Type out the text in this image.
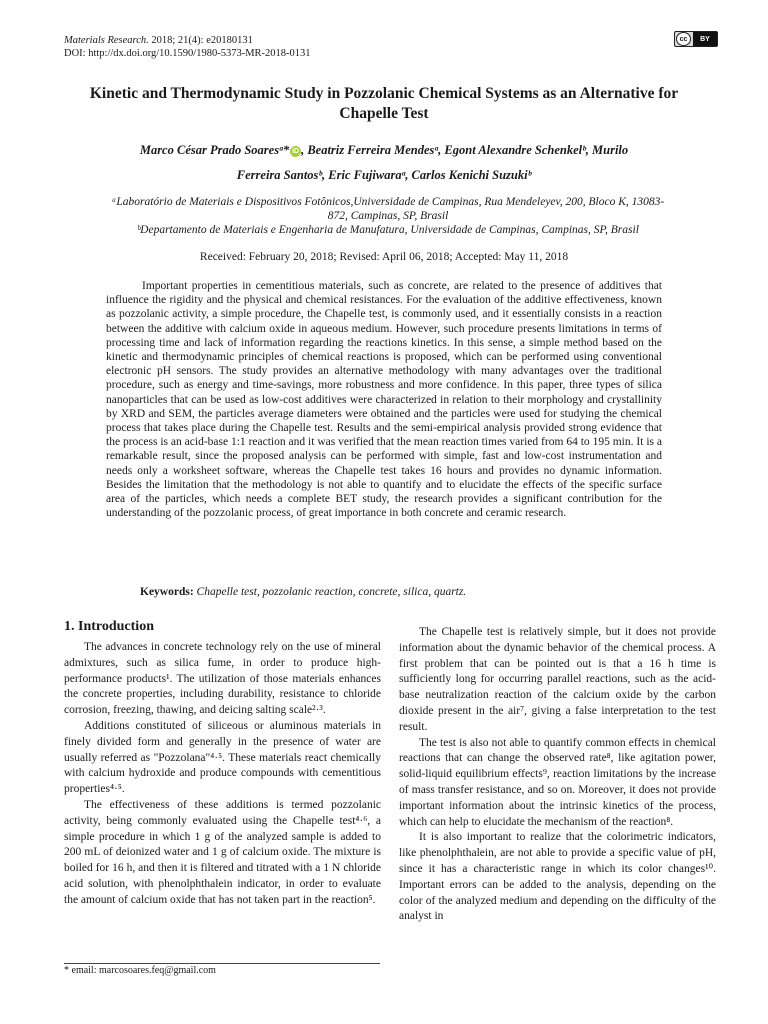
Materials Research. 2018; 21(4): e20180131
DOI: http://dx.doi.org/10.1590/1980-5373-MR-2018-0131
cc	BY
Kinetic and Thermodynamic Study in Pozzolanic Chemical Systems as an Alternative for Chapelle Test
Marco César Prado Soaresᵃ* iD , Beatriz Ferreira Mendesᵃ, Egont Alexandre Schenkelᵇ, Murilo
Ferreira Santosᵇ, Eric Fujiwaraᵃ, Carlos Kenichi Suzukiᵇ
ᵃLaboratório de Materiais e Dispositivos Fotônicos,Universidade de Campinas, Rua Mendeleyev, 200, Bloco K, 13083-872, Campinas, SP, Brasil
ᵇDepartamento de Materiais e Engenharia de Manufatura, Universidade de Campinas, Campinas, SP, Brasil
Received: February 20, 2018; Revised: April 06, 2018; Accepted: May 11, 2018
Important properties in cementitious materials, such as concrete, are related to the presence of additives that influence the rigidity and the physical and chemical resistances. For the evaluation of the additive effectiveness, known as pozzolanic activity, a simple procedure, the Chapelle test, is commonly used, and it essentially consists in a reaction between the additive with calcium oxide in aqueous medium. However, such procedure presents limitations in terms of processing time and lack of information regarding the reactions kinetics. In this sense, a simple method based on the kinetic and thermodynamic principles of chemical reactions is proposed, which can be performed using conventional electronic pH sensors. The study provides an alternative methodology with many advantages over the traditional procedure, such as energy and time-savings, more robustness and more confidence. In this paper, three types of silica nanoparticles that can be used as low-cost additives were characterized in relation to their morphology and crystallinity by XRD and SEM, the particles average diameters were obtained and the particles were used for studying the chemical process that takes place during the Chapelle test. Results and the semi-empirical analysis provided strong evidence that the process is an acid-base 1:1 reaction and it was verified that the mean reaction times varied from 64 to 195 min. It is a remarkable result, since the proposed analysis can be performed with simple, fast and low-cost instrumentation and needs only a worksheet software, whereas the Chapelle test takes 16 hours and provides no dynamic information. Besides the limitation that the methodology is not able to quantify and to elucidate the effects of the specific surface area of the particles, which needs a complete BET study, the research provides a significant contribution for the understanding of the pozzolanic process, of great importance in both concrete and ceramic research.
Keywords: Chapelle test, pozzolanic reaction, concrete, silica, quartz.
1. Introduction

The advances in concrete technology rely on the use of mineral admixtures, such as silica fume, in order to produce high-performance products¹. The utilization of those materials enhances the concrete properties, including durability, resistance to chloride corrosion, freezing, thawing, and deicing salting scale²·³.

Additions constituted of siliceous or aluminous materials in finely divided form and generally in the presence of water are usually referred as "Pozzolana"⁴·⁵. These materials react chemically with calcium hydroxide and produce compounds with cementitious properties⁴·⁵.

The effectiveness of these additions is termed pozzolanic activity, being commonly evaluated using the Chapelle test⁴·⁶, a simple procedure in which 1 g of the analyzed sample is added to 200 mL of deionized water and 1 g of calcium oxide. The mixture is boiled for 16 h, and then it is filtered and titrated with a 1 N chloride acid solution, with phenolphthalein indicator, in order to evaluate the amount of calcium oxide that has not taken part in the reaction⁵.

The Chapelle test is relatively simple, but it does not provide information about the dynamic behavior of the chemical process. A first problem that can be pointed out is that a 16 h time is sufficiently long for occurring parallel reactions, such as the acid-base neutralization reaction of the calcium oxide by the carbon dioxide present in the air⁷, giving a false interpretation to the test result.

The test is also not able to quantify common effects in chemical reactions that can change the observed rate⁸, like agitation power, solid-liquid equilibrium effects⁹, reaction limitations by the increase of mass transfer resistance, and so on. Moreover, it does not provide important information about the intrinsic kinetics of the process, which can help to elucidate the mechanism of the reaction⁸.

It is also important to realize that the colorimetric indicators, like phenolphthalein, are not able to provide a specific value of pH, since it has a characteristic range in which its color changes¹⁰. Important errors can be added to the analysis, depending on the color of the analyzed medium and depending on the difficulty of the analyst in

* email: marcosoares.feq@gmail.com
